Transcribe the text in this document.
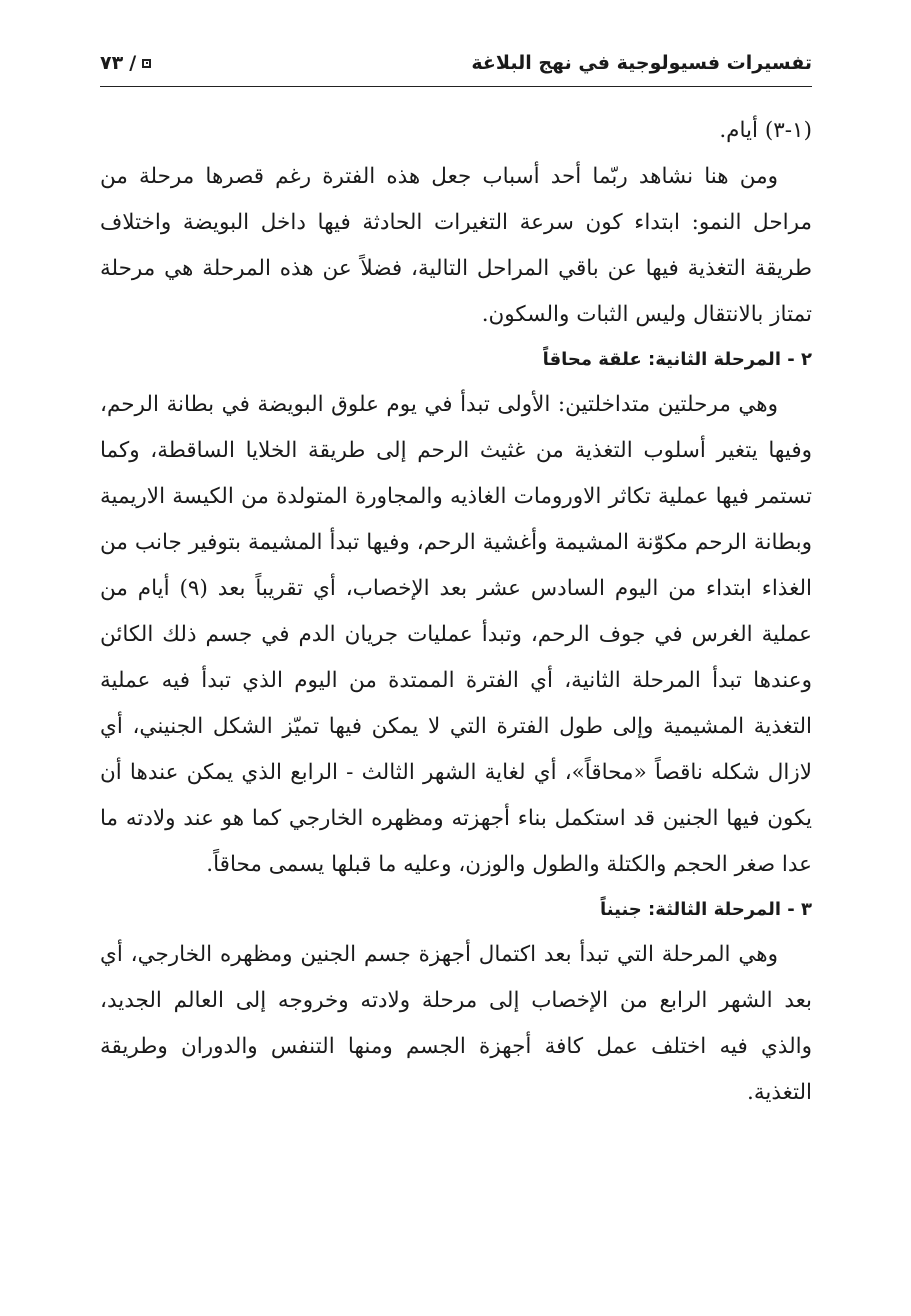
تفسيرات فسيولوجية في نهج البلاغة
٧٣ /

(١-٣) أيام.

ومن هنا نشاهد ربّما أحد أسباب جعل هذه الفترة رغم قصرها مرحلة من مراحل النمو: ابتداء كون سرعة التغيرات الحادثة فيها داخل البويضة واختلاف طريقة التغذية فيها عن باقي المراحل التالية، فضلاً عن هذه المرحلة هي مرحلة تمتاز بالانتقال وليس الثبات والسكون.

٢ - المرحلة الثانية: علقة محاقاً

وهي مرحلتين متداخلتين: الأولى تبدأ في يوم علوق البويضة في بطانة الرحم، وفيها يتغير أسلوب التغذية من غثيث الرحم إلى طريقة الخلايا الساقطة، وكما تستمر فيها عملية تكاثر الاورومات الغاذيه والمجاورة المتولدة من الكيسة الاريمية وبطانة الرحم مكوّنة المشيمة وأغشية الرحم، وفيها تبدأ المشيمة بتوفير جانب من الغذاء ابتداء من اليوم السادس عشر بعد الإخصاب، أي تقريباً بعد (٩) أيام من عملية الغرس في جوف الرحم، وتبدأ عمليات جريان الدم في جسم ذلك الكائن وعندها تبدأ المرحلة الثانية، أي الفترة الممتدة من اليوم الذي تبدأ فيه عملية التغذية المشيمية وإلى طول الفترة التي لا يمكن فيها تميّز الشكل الجنيني، أي لازال شكله ناقصاً «محاقاً»، أي لغاية الشهر الثالث - الرابع الذي يمكن عندها أن يكون فيها الجنين قد استكمل بناء أجهزته ومظهره الخارجي كما هو عند ولادته ما عدا صغر الحجم والكتلة والطول والوزن، وعليه ما قبلها يسمى محاقاً.

٣ - المرحلة الثالثة: جنيناً

وهي المرحلة التي تبدأ بعد اكتمال أجهزة جسم الجنين ومظهره الخارجي، أي بعد الشهر الرابع من الإخصاب إلى مرحلة ولادته وخروجه إلى العالم الجديد، والذي فيه اختلف عمل كافة أجهزة الجسم ومنها التنفس والدوران وطريقة التغذية.
